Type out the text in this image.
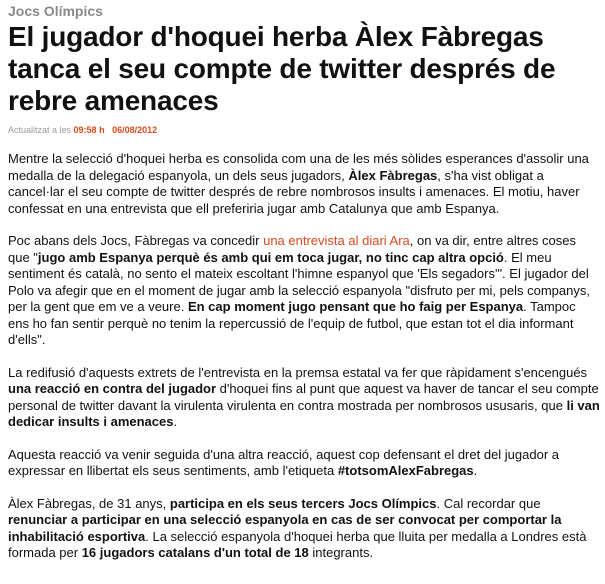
Jocs Olímpics
El jugador d'hoquei herba Àlex Fàbregas tanca el seu compte de twitter després de rebre amenaces
Actualitzat a les 09:58 h 06/08/2012

Mentre la selecció d'hoquei herba es consolida com una de les més sòlides esperances d'assolir una medalla de la delegació espanyola, un dels seus jugadors, Àlex Fàbregas, s'ha vist obligat a cancel·lar el seu compte de twitter després de rebre nombrosos insults i amenaces. El motiu, haver confessat en una entrevista que ell preferiria jugar amb Catalunya que amb Espanya.

Poc abans dels Jocs, Fàbregas va concedir una entrevista al diari Ara, on va dir, entre altres coses que "jugo amb Espanya perquè és amb qui em toca jugar, no tinc cap altra opció. El meu sentiment és català, no sento el mateix escoltant l'himne espanyol que 'Els segadors'". El jugador del Polo va afegir que en el moment de jugar amb la selecció espanyola "disfruto per mi, pels companys, per la gent que em ve a veure. En cap moment jugo pensant que ho faig per Espanya. Tampoc ens ho fan sentir perquè no tenim la repercussió de l'equip de futbol, que estan tot el dia informant d'ells".

La redifusió d'aquests extrets de l'entrevista en la premsa estatal va fer que ràpidament s'encengués una reacció en contra del jugador d'hoquei fins al punt que aquest va haver de tancar el seu compte personal de twitter davant la virulenta virulenta en contra mostrada per nombrosos ususaris, que li van dedicar insults i amenaces.

Aquesta reacció va venir seguida d'una altra reacció, aquest cop defensant el dret del jugador a expressar en llibertat els seus sentiments, amb l'etiqueta #totsomAlexFabregas.

Àlex Fàbregas, de 31 anys, participa en els seus tercers Jocs Olímpics. Cal recordar que renunciar a participar en una selecció espanyola en cas de ser convocat per comportar la inhabilitació esportiva. La selecció espanyola d'hoquei herba que lluita per medalla a Londres està formada per 16 jugadors catalans d'un total de 18 integrants.
